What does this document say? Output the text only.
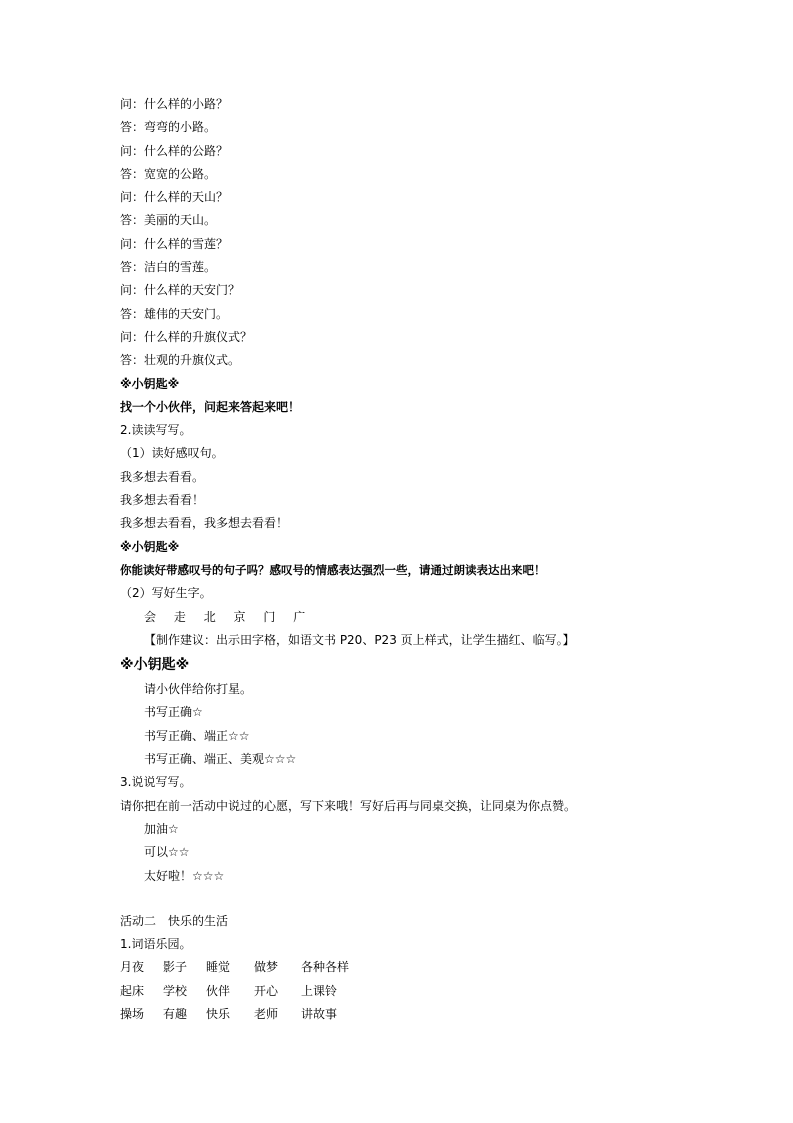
问：什么样的小路？
答：弯弯的小路。
问：什么样的公路？
答：宽宽的公路。
问：什么样的天山？
答：美丽的天山。
问：什么样的雪莲？
答：洁白的雪莲。
问：什么样的天安门？
答：雄伟的天安门。
问：什么样的升旗仪式？
答：壮观的升旗仪式。
※小钥匙※
找一个小伙伴，问起来答起来吧！
2.读读写写。
（1）读好感叹句。
我多想去看看。
我多想去看看！
我多想去看看，我多想去看看！
※小钥匙※
你能读好带感叹号的句子吗？感叹号的情感表达强烈一些，请通过朗读表达出来吧！
（2）写好生字。
会 走 北 京 门 广
【制作建议：出示田字格，如语文书 P20、P23 页上样式，让学生描红、临写。】
※小钥匙※
请小伙伴给你打星。
书写正确☆
书写正确、端正☆☆
书写正确、端正、美观☆☆☆
3.说说写写。
请你把在前一活动中说过的心愿，写下来哦！写好后再与同桌交换，让同桌为你点赞。
加油☆
可以☆☆
太好啦！☆☆☆
活动二　快乐的生活
1.词语乐园。
月夜 影子 睡觉 做梦 各种各样
起床 学校 伙伴 开心 上课铃
操场 有趣 快乐 老师 讲故事
